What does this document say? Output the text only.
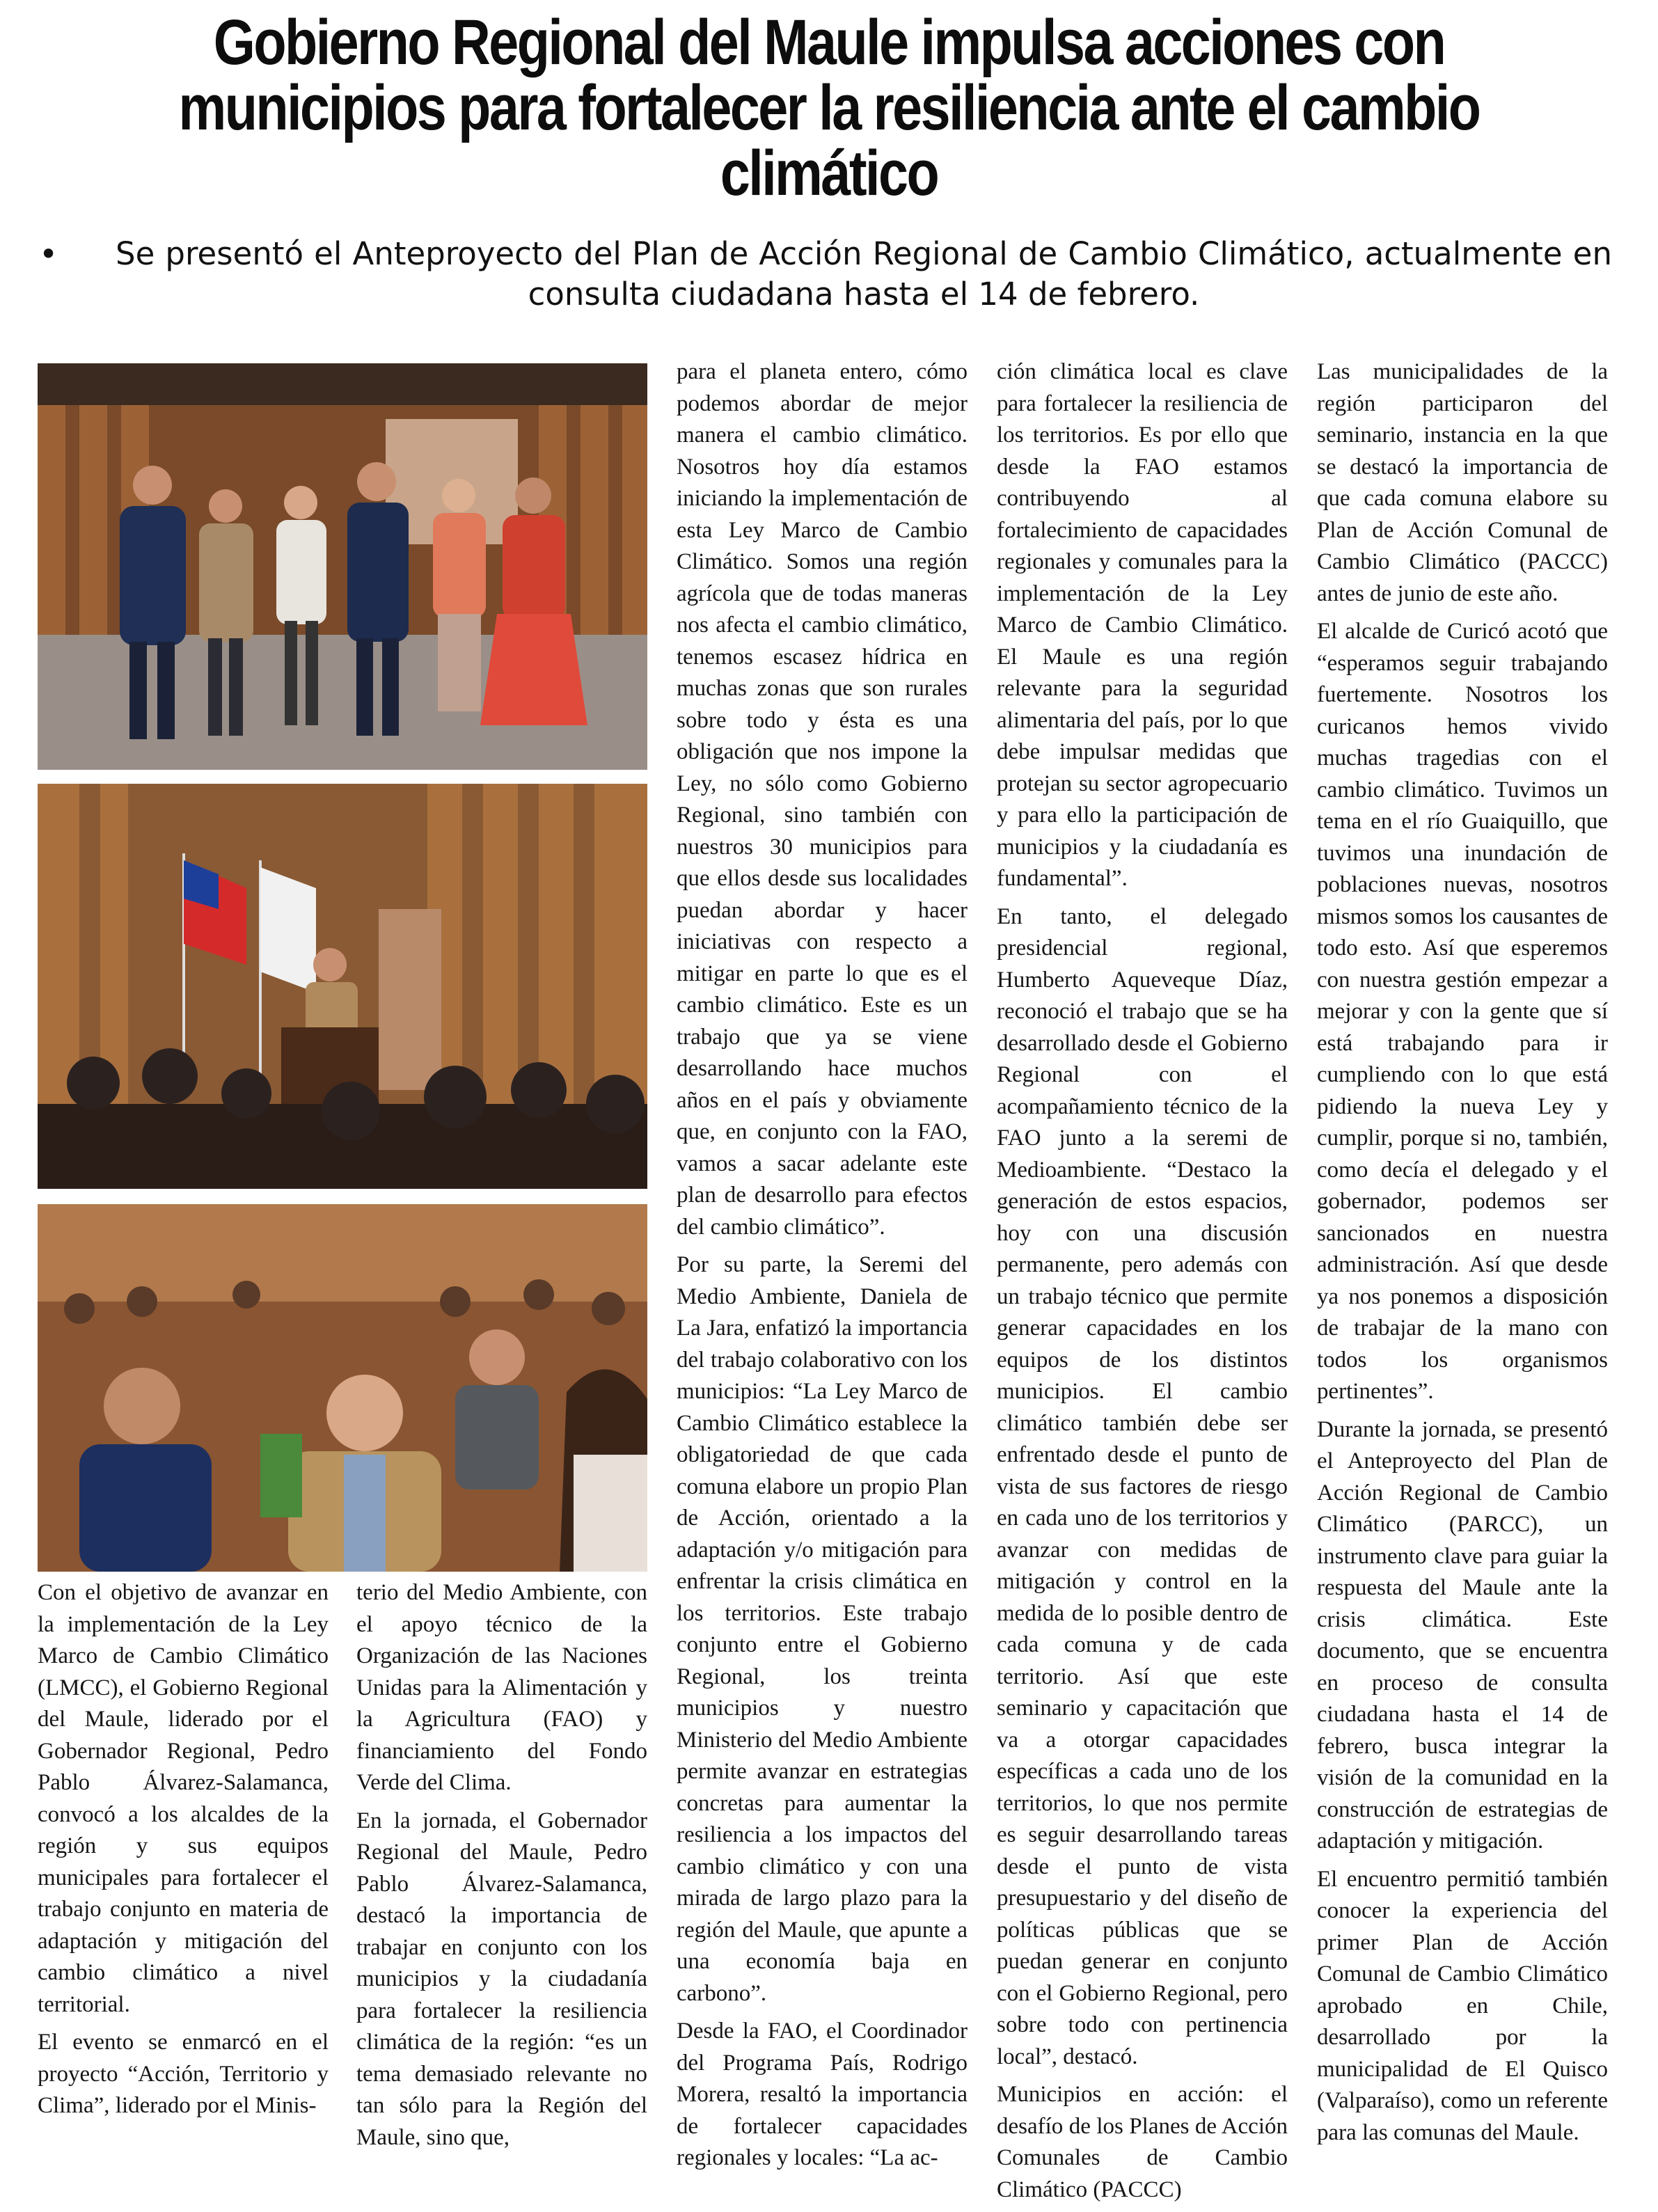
Gobierno Regional del Maule impulsa acciones con municipios para fortalecer la resiliencia ante el cambio climático
•	Se presentó el Anteproyecto del Plan de Acción Regional de Cambio Climático, actualmente en consulta ciudadana hasta el 14 de febrero.

Con el objetivo de avanzar en la implementación de la Ley Marco de Cambio Climático (LMCC), el Gobierno Regional del Maule, liderado por el Gobernador Regional, Pedro Pablo Álvarez-Salamanca, convocó a los alcaldes de la región y sus equipos municipales para fortalecer el trabajo conjunto en materia de adaptación y mitigación del cambio climático a nivel territorial.

El evento se enmarcó en el proyecto “Acción, Territorio y Clima”, liderado por el Minis-

terio del Medio Ambiente, con el apoyo técnico de la Organización de las Naciones Unidas para la Alimentación y la Agricultura (FAO) y financiamiento del Fondo Verde del Clima.

En la jornada, el Gobernador Regional del Maule, Pedro Pablo Álvarez-Salamanca, destacó la importancia de trabajar en conjunto con los municipios y la ciudadanía para fortalecer la resiliencia climática de la región: “es un tema demasiado relevante no tan sólo para la Región del Maule, sino que,

para el planeta entero, cómo podemos abordar de mejor manera el cambio climático. Nosotros hoy día estamos iniciando la implementación de esta Ley Marco de Cambio Climático. Somos una región agrícola que de todas maneras nos afecta el cambio climático, tenemos escasez hídrica en muchas zonas que son rurales sobre todo y ésta es una obligación que nos impone la Ley, no sólo como Gobierno Regional, sino también con nuestros 30 municipios para que ellos desde sus localidades puedan abordar y hacer iniciativas con respecto a mitigar en parte lo que es el cambio climático. Este es un trabajo que ya se viene desarrollando hace muchos años en el país y obviamente que, en conjunto con la FAO, vamos a sacar adelante este plan de desarrollo para efectos del cambio climático”.

Por su parte, la Seremi del Medio Ambiente, Daniela de La Jara, enfatizó la importancia del trabajo colaborativo con los municipios: “La Ley Marco de Cambio Climático establece la obligatoriedad de que cada comuna elabore un propio Plan de Acción, orientado a la adaptación y/o mitigación para enfrentar la crisis climática en los territorios. Este trabajo conjunto entre el Gobierno Regional, los treinta municipios y nuestro Ministerio del Medio Ambiente permite avanzar en estrategias concretas para aumentar la resiliencia a los impactos del cambio climático y con una mirada de largo plazo para la región del Maule, que apunte a una economía baja en carbono”.

Desde la FAO, el Coordinador del Programa País, Rodrigo Morera, resaltó la importancia de fortalecer capacidades regionales y locales: “La ac-

ción climática local es clave para fortalecer la resiliencia de los territorios. Es por ello que desde la FAO estamos contribuyendo al fortalecimiento de capacidades regionales y comunales para la implementación de la Ley Marco de Cambio Climático. El Maule es una región relevante para la seguridad alimentaria del país, por lo que debe impulsar medidas que protejan su sector agropecuario y para ello la participación de municipios y la ciudadanía es fundamental”.

En tanto, el delegado presidencial regional, Humberto Aqueveque Díaz, reconoció el trabajo que se ha desarrollado desde el Gobierno Regional con el acompañamiento técnico de la FAO junto a la seremi de Medioambiente. “Destaco la generación de estos espacios, hoy con una discusión permanente, pero además con un trabajo técnico que permite generar capacidades en los equipos de los distintos municipios. El cambio climático también debe ser enfrentado desde el punto de vista de sus factores de riesgo en cada uno de los territorios y avanzar con medidas de mitigación y control en la medida de lo posible dentro de cada comuna y de cada territorio. Así que este seminario y capacitación que va a otorgar capacidades específicas a cada uno de los territorios, lo que nos permite es seguir desarrollando tareas desde el punto de vista presupuestario y del diseño de políticas públicas que se puedan generar en conjunto con el Gobierno Regional, pero sobre todo con pertinencia local”, destacó.

Municipios en acción: el desafío de los Planes de Acción Comunales de Cambio Climático (PACCC)

Las municipalidades de la región participaron del seminario, instancia en la que se destacó la importancia de que cada comuna elabore su Plan de Acción Comunal de Cambio Climático (PACCC) antes de junio de este año.

El alcalde de Curicó acotó que “esperamos seguir trabajando fuertemente. Nosotros los curicanos hemos vivido muchas tragedias con el cambio climático. Tuvimos un tema en el río Guaiquillo, que tuvimos una inundación de poblaciones nuevas, nosotros mismos somos los causantes de todo esto. Así que esperemos con nuestra gestión empezar a mejorar y con la gente que sí está trabajando para ir cumpliendo con lo que está pidiendo la nueva Ley y cumplir, porque si no, también, como decía el delegado y el gobernador, podemos ser sancionados en nuestra administración. Así que desde ya nos ponemos a disposición de trabajar de la mano con todos los organismos pertinentes”.

Durante la jornada, se presentó el Anteproyecto del Plan de Acción Regional de Cambio Climático (PARCC), un instrumento clave para guiar la respuesta del Maule ante la crisis climática. Este documento, que se encuentra en proceso de consulta ciudadana hasta el 14 de febrero, busca integrar la visión de la comunidad en la construcción de estrategias de adaptación y mitigación.

El encuentro permitió también conocer la experiencia del primer Plan de Acción Comunal de Cambio Climático aprobado en Chile, desarrollado por la municipalidad de El Quisco (Valparaíso), como un referente para las comunas del Maule.
